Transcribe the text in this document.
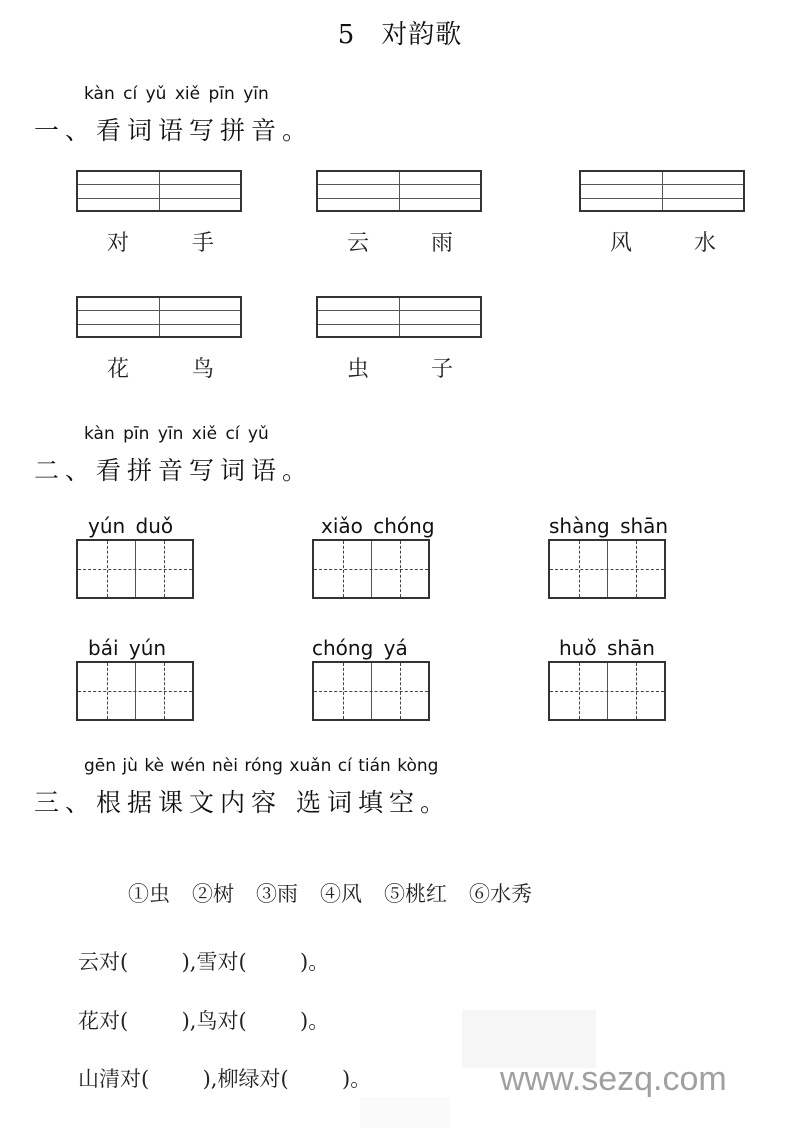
5 对韵歌
kàn cí yǔ xiě pīn yīn
一、看词语写拼音。
对	手	云	雨	风	水
花	鸟	虫	子
kàn pīn yīn xiě cí yǔ
二、看拼音写词语。
yún duǒ	xiǎo chóng	shàng shān
bái yún	chóng yá	huǒ shān
gēn jù kè wén nèi róng xuǎn cí tián kòng
三、根据课文内容 选词填空。
①虫 ②树 ③雨 ④风 ⑤桃红 ⑥水秀
云对(        ),雪对(        )。
花对(        ),鸟对(        )。
山清对(        ),柳绿对(        )。	www.sezq.com
